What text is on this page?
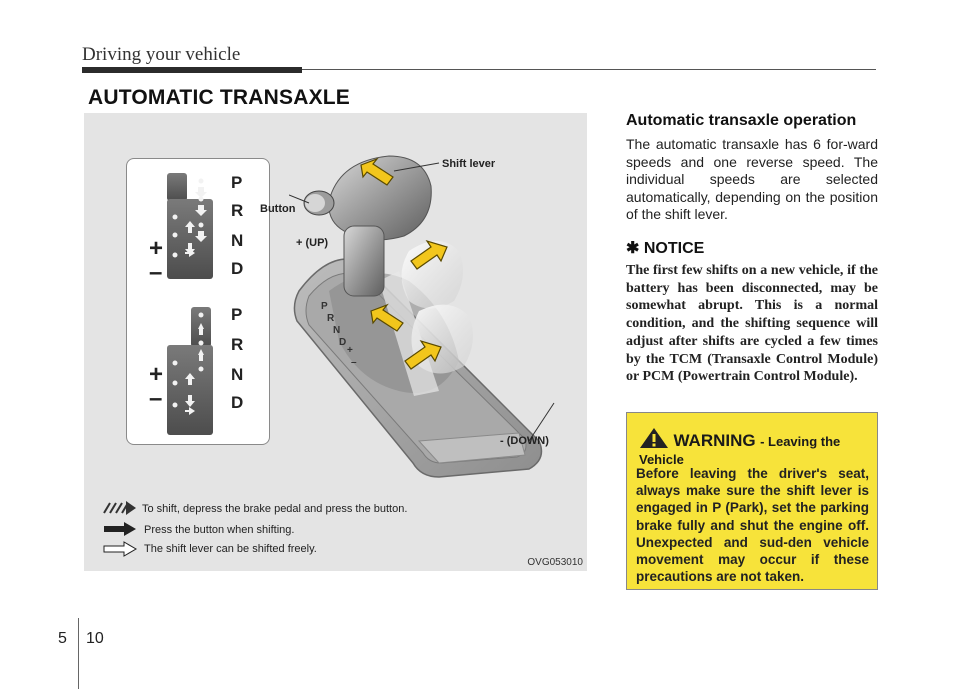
Driving your vehicle
AUTOMATIC TRANSAXLE
P
R
N
D
+
–
P
R
N
D
+
–
P
R
N
D
+
–
Shift lever
Button
+ (UP)
- (DOWN)
To shift, depress the brake pedal and press the button.
Press the button when shifting.
The shift lever can be shifted freely.
OVG053010
Automatic transaxle operation
The automatic transaxle has 6 for-ward speeds and one reverse speed. The individual speeds are selected automatically, depending on the position of the shift lever.
✱ NOTICE
The first few shifts on a new vehicle, if the battery has been disconnected, may be somewhat abrupt. This is a normal condition, and the shifting sequence will adjust after shifts are cycled a few times by the TCM (Transaxle Control Module) or PCM (Powertrain Control Module).
WARNING - Leaving the Vehicle
Before leaving the driver's seat, always make sure the shift lever is engaged in P (Park), set the parking brake fully and shut the engine off. Unexpected and sud-den vehicle movement may occur if these precautions are not taken.
5 10
